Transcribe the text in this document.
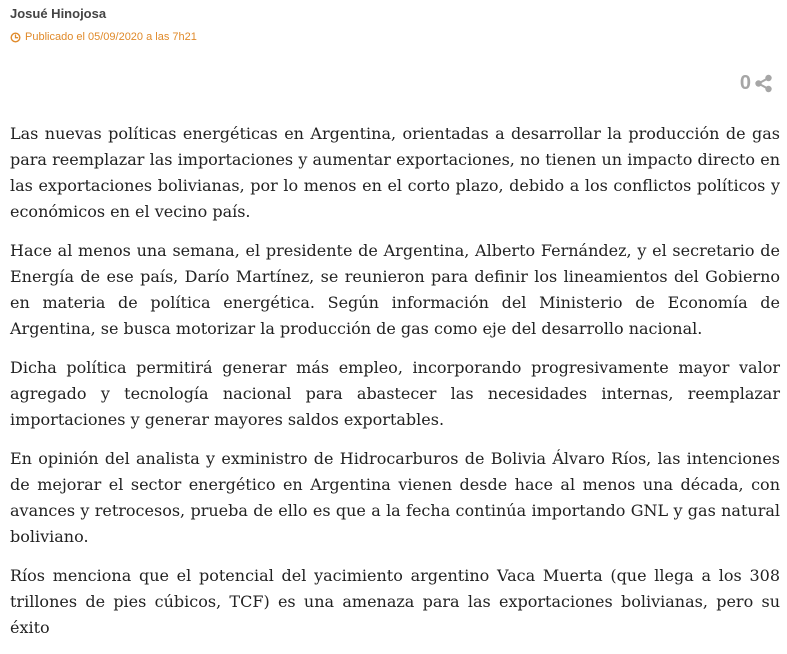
Josué Hinojosa
Publicado el 05/09/2020 a las 7h21
0

Las nuevas políticas energéticas en Argentina, orientadas a desarrollar la producción de gas para reemplazar las importaciones y aumentar exportaciones, no tienen un impacto directo en las exportaciones bolivianas, por lo menos en el corto plazo, debido a los conflictos políticos y económicos en el vecino país.

Hace al menos una semana, el presidente de Argentina, Alberto Fernández, y el secretario de Energía de ese país, Darío Martínez, se reunieron para definir los lineamientos del Gobierno en materia de política energética. Según información del Ministerio de Economía de Argentina, se busca motorizar la producción de gas como eje del desarrollo nacional.

Dicha política permitirá generar más empleo, incorporando progresivamente mayor valor agregado y tecnología nacional para abastecer las necesidades internas, reemplazar importaciones y generar mayores saldos exportables.

En opinión del analista y exministro de Hidrocarburos de Bolivia Álvaro Ríos, las intenciones de mejorar el sector energético en Argentina vienen desde hace al menos una década, con avances y retrocesos, prueba de ello es que a la fecha continúa importando GNL y gas natural boliviano.

Ríos menciona que el potencial del yacimiento argentino Vaca Muerta (que llega a los 308 trillones de pies cúbicos, TCF) es una amenaza para las exportaciones bolivianas, pero su éxito
